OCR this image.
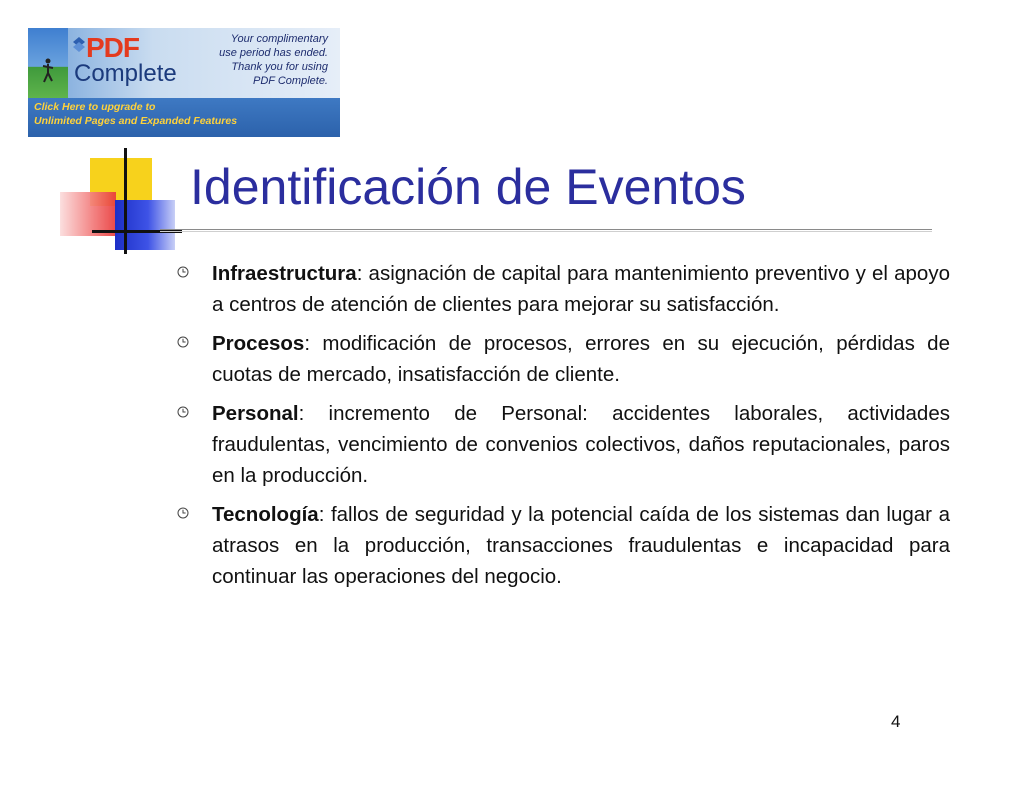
PDF
Complete
Your complimentary
use period has ended.
Thank you for using
PDF Complete.
Click Here to upgrade to
Unlimited Pages and Expanded Features
Identificación de Eventos
Infraestructura: asignación de capital para mantenimiento preventivo y el apoyo a centros de atención de clientes para mejorar su satisfacción.
Procesos: modificación de procesos, errores en su ejecución, pérdidas de cuotas de mercado, insatisfacción de cliente.
Personal: incremento de Personal: accidentes laborales, actividades fraudulentas, vencimiento de convenios colectivos, daños reputacionales, paros en la producción.
Tecnología: fallos de seguridad y la potencial caída de los sistemas dan lugar a atrasos en la producción, transacciones fraudulentas e incapacidad para continuar las operaciones del negocio.
4
